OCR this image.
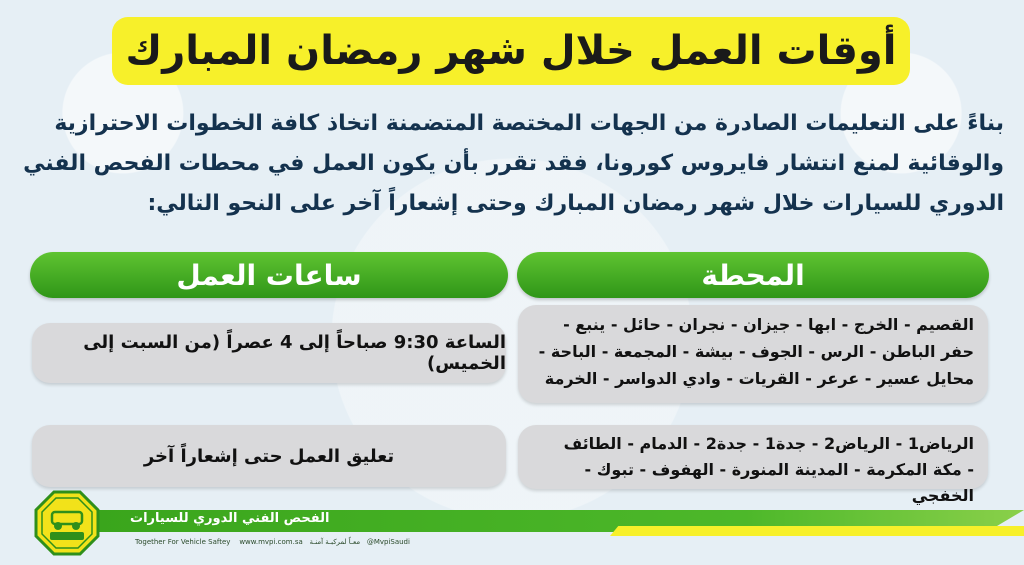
أوقات العمل خلال شهر رمضان المبارك
بناءً على التعليمات الصادرة من الجهات المختصة المتضمنة اتخاذ كافة الخطوات الاحترازية
والوقائية لمنع انتشار فايروس كورونا، فقد تقرر بأن يكون العمل في محطات الفحص الفني
الدوري للسيارات خلال شهر رمضان المبارك وحتى إشعاراً آخر على النحو التالي:
المحطة
ساعات العمل
القصيم - الخرج - ابها - جيزان - نجران - حائل - ينبع -
حفر الباطن - الرس - الجوف - بيشة - المجمعة - الباحة -
محايل عسير - عرعر - القريات - وادي الدواسر - الخرمة
الساعة 9:30 صباحاً إلى 4 عصراً (من السبت إلى الخميس)
الرياض1 - الرياض2 - جدة1 - جدة2 - الدمام - الطائف
- مكة المكرمة - المدينة المنورة - الهفوف - تبوك - الخفجي
تعليق العمل حتى إشعاراً آخر
الفحص الفني الدوري للسيارات
Together For Vehicle Saftey www.mvpi.com.sa معـاً لمركبـة آمنـة @MvpiSaudi
